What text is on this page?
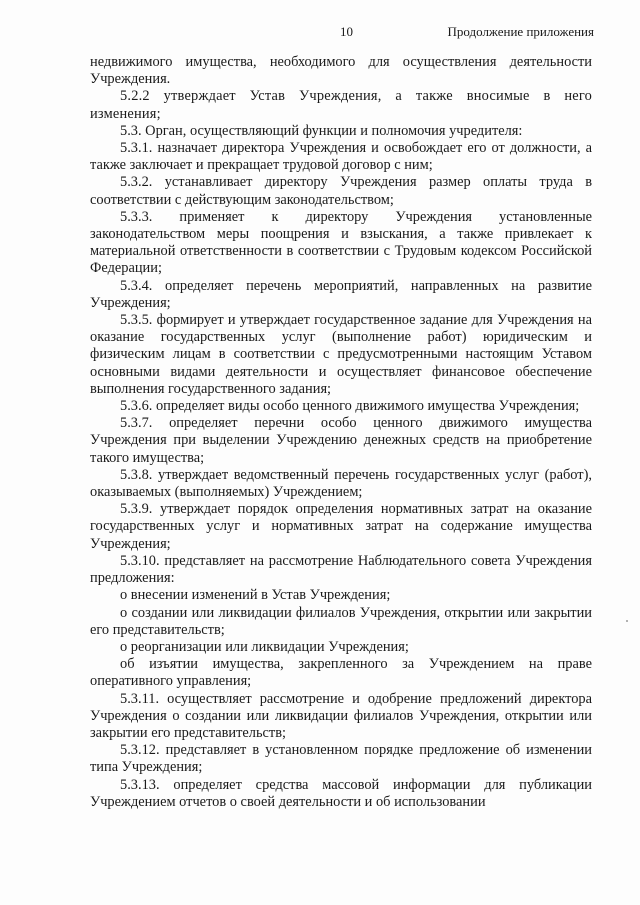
10	Продолжение приложения

недвижимого имущества, необходимого для осуществления деятельности Учреждения.

5.2.2 утверждает Устав Учреждения, а также вносимые в него изменения;

5.3. Орган, осуществляющий функции и полномочия учредителя:

5.3.1. назначает директора Учреждения и освобождает его от должности, а также заключает и прекращает трудовой договор с ним;

5.3.2. устанавливает директору Учреждения размер оплаты труда в соответствии с действующим законодательством;

5.3.3. применяет к директору Учреждения установленные законодательством меры поощрения и взыскания, а также привлекает к материальной ответственности в соответствии с Трудовым кодексом Российской Федерации;

5.3.4. определяет перечень мероприятий, направленных на развитие Учреждения;

5.3.5. формирует и утверждает государственное задание для Учреждения на оказание государственных услуг (выполнение работ) юридическим и физическим лицам в соответствии с предусмотренными настоящим Уставом основными видами деятельности и осуществляет финансовое обеспечение выполнения государственного задания;

5.3.6. определяет виды особо ценного движимого имущества Учреждения;

5.3.7. определяет перечни особо ценного движимого имущества Учреждения при выделении Учреждению денежных средств на приобретение такого имущества;

5.3.8. утверждает ведомственный перечень государственных услуг (работ), оказываемых (выполняемых) Учреждением;

5.3.9. утверждает порядок определения нормативных затрат на оказание государственных услуг и нормативных затрат на содержание имущества Учреждения;

5.3.10. представляет на рассмотрение Наблюдательного совета Учреждения предложения:

о внесении изменений в Устав Учреждения;

о создании или ликвидации филиалов Учреждения, открытии или закрытии его представительств;

о реорганизации или ликвидации Учреждения;

об изъятии имущества, закрепленного за Учреждением на праве оперативного управления;

5.3.11. осуществляет рассмотрение и одобрение предложений директора Учреждения о создании или ликвидации филиалов Учреждения, открытии или закрытии его представительств;

5.3.12. представляет в установленном порядке предложение об изменении типа Учреждения;

5.3.13. определяет средства массовой информации для публикации Учреждением отчетов о своей деятельности и об использовании
